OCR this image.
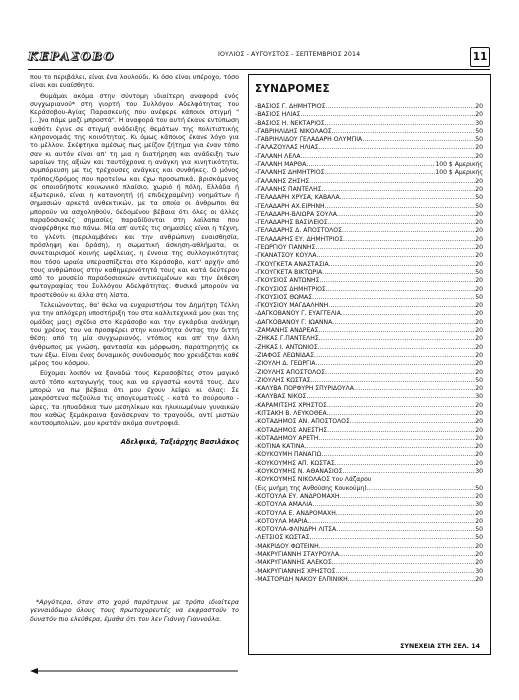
ΚΕΡΑΣΟΒΟ	ΙΟΥΛΙΟΣ - ΑΥΓΟΥΣΤΟΣ - ΣΕΠΤΕΜΒΡΙΟΣ 2014	11

που το περιβάλει, είναι ένα λουλούδι. Κι όσο είναι υπέροχο, τόσο είναι και ευαίσθητο.

Θυμάμαι ακόμα στην σύντομη ιδιαίτερη αναφορά ενός συγχωριανού* στη γιορτή του Συλλόγου Αδελφότητας του Κεράσοβου-Αγίας Παρασκευής που ανέφερε κάποιοι στιγμή "[...]να πάμε μαζί μπροστά". Η αναφορά του αυτή έκανε εντύπωση καθότι έγινε σε στιγμή ανάδειξης θεμάτων της πολιτιστικής κληρονομιάς της κοινότητας. Κι όμως κάποιος έκανε λόγο για το μέλλον. Σκέφτηκα αμέσως πως μείζον ζήτημα για έναν τόπο σαν κι αυτόν είναι απ' τη μια η διατήρηση και ανάδειξη των ωραίων της αξιών και ταυτόχρονα η ανάγκη για κινητικότητα, συμπόρευση με τις τρέχουσες ανάγκες και συνθήκες. Ο μόνος τρόπος/δρόμος που προτείνω και έχω προσωπικά, βρισκόμενος σε οποιοδήποτε κοινωνικό πλαίσιο, χωριό ή πόλη, Ελλάδα ή εξωτερικό, είναι η κατανοητή (ή επιδεχραμένη) νοημάτων ή σημασιών αρκετά ανθεκτικών, με τα οποία οι άνθρωποι θα μπορούν να ασχοληθούν, δεδομένου βέβαια ότι όλες οι άλλες παραδοσιακές σημασίες παραδίδονται στη λαϊλαπα που αναφέρθηκε πιο πάνω. Μία απ' αυτές τις σημασίες είναι η τέχνη, το γλέντι (περιλαμβάνει και την ανθρώπινη ευαισθησία, πρόσληψη και δράση), η σωματική άσκηση-αθλήματα, οι συνεταιρισμοί κοινής ωφέλειας, η έννοια της συλλογικότητας που τόσο ωραία υπερασπίζεται στο Κεράσοβο, κατ' αρχήν από τους ανθρώπους στην καθημερινότητά τους και κατά δεύτερον από το μουσείο παραδοσιακών αντικειμένων και την έκθεση φωτογραφίας του Συλλόγου Αδελφότητας. Φυσικά μπορούν να προστεθούν κι άλλα στη λίστα.

Τελειώνοντας, θα' θελα να ευχαριστήσω τον Δημήτρη Τέλλη για την απλόχερη υποστήριξη του στα καλλιτεχνικά μου (και της ομάδας μας) σχέδια στο Κεράσοβο και την εγκάρδια ανάληψη του χρέους του να προσφέρει στην κοινότητα όντας την διττή θέση: από τη μία συγχωριανός, ντόπιος και απ' την άλλη άνθρωπος με γνώση, φαντασία και μόρφωση, παρατηρητής εκ των έξω. Είναι ένας δυναμικός συνδυασμός που χρειάζεται καθέ μέρος του κόσμου.

Εύχομαι λοιπόν να ξαναδώ τους Κερασοβίτες στον μαγικό αυτό τόπο καταγωγής τους και να εργαστώ κοντά τους. Δεν μπορώ να πω βέβαια ότι μου έχουν λείψει κι όλας: Σε μακρόστενα πεζούλια τις απογευματινές - κατά το σούρουπο - ώρες, τα ηπυαδάκια των μεσηλίκων και ηλικιωμένων γυναικών που καθώς ξεμάκραινα ξανάσερναν το τραγούδι, αντί μιστών κουτσομπολιών, μου κρατάν ακόμα συντροφιά.

Αδελφικά, Ταξιάρχης Βασιλάκος

*Αργότερα, όταν στο χορό παρότρυνε με τρόπο ιδιαίτερα γενναιόδωρο όλους τους πρωτοχορευτές να εκφραστούν το δυνατόν πιο ελεύθερα, έμαθα ότι τον λεν Γιάννη Γιαννούλα.
ΣΥΝΔΡΟΜΕΣ
-ΒΑΣΙΟΣ Γ. ΔΗΜΗΤΡΙΟΣ .....	20
-ΒΑΣΙΟΣ ΗΛΙΑΣ .....	20
-ΒΑΣΙΟΣ Η. ΝΕΚΤΑΡΙΟΣ .....	30
-ΓΑΒΡΙΗΛΙΔΗΣ ΝΙΚΟΛΑΟΣ .....	50
-ΓΑΒΡΙΗΛΙΔΟΥ ΓΕΛΑΔΑΡΗ ΟΛΥΜΠΙΑ .....	50
-ΓΑΛΑΖΟΥΛΑΣ ΗΛΙΑΣ .....	20
-ΓΑΛΑΝΗ ΛΕΛΑ .....	20
-ΓΑΛΑΝΗ ΜΑΡΘΑ .....	100 $ Αμερικής
-ΓΑΛΑΝΗΣ ΔΗΜΗΤΡΙΟΣ .....	100 $ Αμερικής
-ΓΑΛΑΝΗΣ ΖΗΣΗΣ .....	20
-ΓΑΛΑΝΗΣ ΠΑΝΤΕΛΗΣ .....	20
-ΓΕΛΑΔΑΡΗ ΧΡΥΣΑ, ΚΑΒΑΛΑ .....	50
-ΓΕΛΑΔΑΡΗ ΑΧ.ΕΙΡΗΝΗ .....	50
-ΓΕΛΑΔΑΡΗ-ΒΛΙΩΡΑ ΣΟΥΛΑ .....	20
-ΓΕΛΑΔΑΡΗΣ ΒΑΣΙΛΕΙΟΣ .....	20
-ΓΕΛΑΔΑΡΗΣ Δ. ΑΠΟΣΤΟΛΟΣ .....	20
-ΓΕΛΑΔΑΡΗΣ ΕΥ. ΔΗΜΗΤΡΙΟΣ .....	20
-ΓΕΩΡΓΙΟΥ ΓΙΑΝΝΗΣ .....	20
-ΓΚΑΝΑΤΣΟΥ ΚΟΥΛΑ .....	20
-ΓΚΟΥΓΚΕΤΑ ΑΝΑΣΤΑΣΙΑ .....	20
-ΓΚΟΥΓΚΕΤΑ ΒΙΚΤΩΡΙΑ .....	50
-ΓΚΟΥΣΙΟΣ ΑΝΤΩΝΗΣ .....	20
-ΓΚΟΥΣΙΟΣ ΔΗΜΗΤΡΙΟΣ .....	20
-ΓΚΟΥΣΙΟΣ ΘΩΜΑΣ .....	50
-ΓΚΟΥΣΙΟΥ ΜΑΓΔΑΛΗΝΗ .....	20
-ΔΑΓΚΟΒΑΝΟΥ Γ. ΕΥΑΓΓΕΛΙΑ .....	20
-ΔΑΓΚΟΒΑΝΟΥ Γ. ΙΩΑΝΝΑ .....	20
-ΖΑΜΑΝΗΣ ΑΝΔΡΕΑΣ .....	20
-ΖΗΚΑΣ Γ.ΠΑΝΤΕΛΗΣ .....	20
-ΖΗΚΑΣ Ι. ΑΝΤΩΝΙΟΣ .....	20
-ΖΙΑΦΟΣ ΛΕΩΝΙΔΑΣ .....	20
-ΖΙΟΥΛΗ Δ. ΓΕΩΡΓΙΑ .....	20
-ΖΙΟΥΛΗΣ ΑΠΟΣΤΟΛΟΣ .....	20
-ΖΙΟΥΛΗΣ ΚΩΣΤΑΣ .....	50
-ΚΑΛΥΒΑ ΠΟΡΦΥΡΗ ΣΠΥΡΙΔΟΥΛΑ .....	20
-ΚΑΛΥΒΑΣ ΝΙΚΟΣ .....	30
-ΚΑΡΑΜΙΤΣΗΣ ΧΡΗΣΤΟΣ .....	20
-ΚΙΤΣΑΚΗ Β. ΛΕΥΚΟΘΕΑ .....	20
-ΚΟΤΑΔΗΜΟΣ ΑΝ. ΑΠΟΣΤΟΛΟΣ .....	20
-ΚΟΤΑΔΗΜΟΣ ΑΝΕΣΤΗΣ .....	20
-ΚΟΤΑΔΗΜΟΥ ΑΡΕΤΗ .....	20
-ΚΟΤΙΝΑ ΚΑΤΙΝΑ .....	20
-ΚΟΥΚΟΥΜΗ ΠΑΝΑΓΙΩ .....	20
-ΚΟΥΚΟΥΜΗΣ ΑΠ. ΚΩΣΤΑΣ .....	20
-ΚΟΥΚΟΥΜΗΣ Ν. ΑΘΑΝΑΣΙΟΣ .....	30
-ΚΟΥΚΟΥΜΗΣ ΝΙΚΟΛΑΟΣ του Λάζαρου
(Εις μνήμη της Ανθούσης Κουκούμη) .....	50
-ΚΟΤΟΥΛΑ ΕΥ. ΑΝΔΡΟΜΑΧΗ .....	20
-ΚΟΤΟΥΛΑ ΑΜΑΛΙΑ .....	30
-ΚΟΤΟΥΛΑ Ε. ΑΝΔΡΟΜΑΧΗ .....	20
-ΚΟΤΟΥΛΑ ΜΑΡΙΑ .....	20
-ΚΟΤΟΥΛΑ-ΦΛΙΝΔΡΗ ΛΙΤΣΑ .....	50
-ΛΕΤΣΙΟΣ ΚΩΣΤΑΣ .....	50
-ΜΑΚΡΙΔΟΥ ΦΩΤΕΙΝΗ .....	20
-ΜΑΚΡΥΓΙΑΝΝΗ ΣΤΑΥΡΟΥΛΑ .....	20
-ΜΑΚΡΥΓΙΑΝΝΗΣ ΑΛΕΚΟΣ .....	20
-ΜΑΚΡΥΓΙΑΝΝΗΣ ΧΡΗΣΤΟΣ .....	30
-ΜΑΣΤΟΡΙΔΗ ΝΑΚΟΥ ΕΛΠΙΝΙΚΗ .....	20
ΣΥΝΕΧΕΙΑ ΣΤΗ ΣΕΛ. 14
